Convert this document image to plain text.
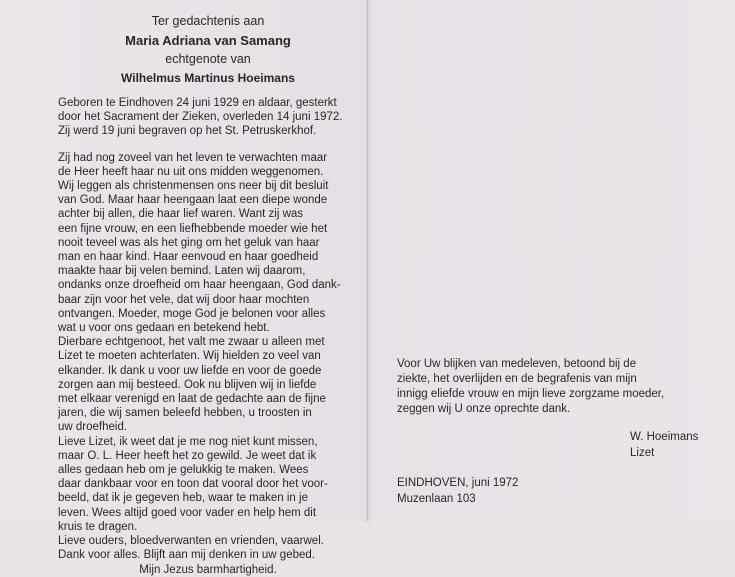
Ter gedachtenis aan
Maria Adriana van Samang
echtgenote van
Wilhelmus Martinus Hoeimans
Geboren te Eindhoven 24 juni 1929 en aldaar, gesterkt
door het Sacrament der Zieken, overleden 14 juni 1972.
Zij werd 19 juni begraven op het St. Petruskerkhof.
Zij had nog zoveel van het leven te verwachten maar
de Heer heeft haar nu uit ons midden weggenomen.
Wij leggen als christenmensen ons neer bij dit besluit
van God. Maar haar heengaan laat een diepe wonde
achter bij allen, die haar lief waren. Want zij was
een fijne vrouw, en een liefhebbende moeder wie het
nooit teveel was als het ging om het geluk van haar
man en haar kind. Haar eenvoud en haar goedheid
maakte haar bij velen bemind. Laten wij daarom,
ondanks onze droefheid om haar heengaan, God dank-
baar zijn voor het vele, dat wij door haar mochten
ontvangen. Moeder, moge God je belonen voor alles
wat u voor ons gedaan en betekend hebt.
Dierbare echtgenoot, het valt me zwaar u alleen met
Lizet te moeten achterlaten. Wij hielden zo veel van
elkander. Ik dank u voor uw liefde en voor de goede
zorgen aan mij besteed. Ook nu blijven wij in liefde
met elkaar verenigd en laat de gedachte aan de fijne
jaren, die wij samen beleefd hebben, u troosten in
uw droefheid.
Lieve Lizet, ik weet dat je me nog niet kunt missen,
maar O. L. Heer heeft het zo gewild. Je weet dat ik
alles gedaan heb om je gelukkig te maken. Wees
daar dankbaar voor en toon dat vooral door het voor-
beeld, dat ik je gegeven heb, waar te maken in je
leven. Wees altijd goed voor vader en help hem dit
kruis te dragen.
Lieve ouders, bloedverwanten en vrienden, vaarwel.
Dank voor alles. Blijft aan mij denken in uw gebed.
Mijn Jezus barmhartigheid.
Voor Uw blijken van medeleven, betoond bij de
ziekte, het overlijden en de begrafenis van mijn
innigg eliefde vrouw en mijn lieve zorgzame moeder,
zeggen wij U onze oprechte dank.
W. Hoeimans
Lizet
EINDHOVEN, juni 1972
Muzenlaan 103
